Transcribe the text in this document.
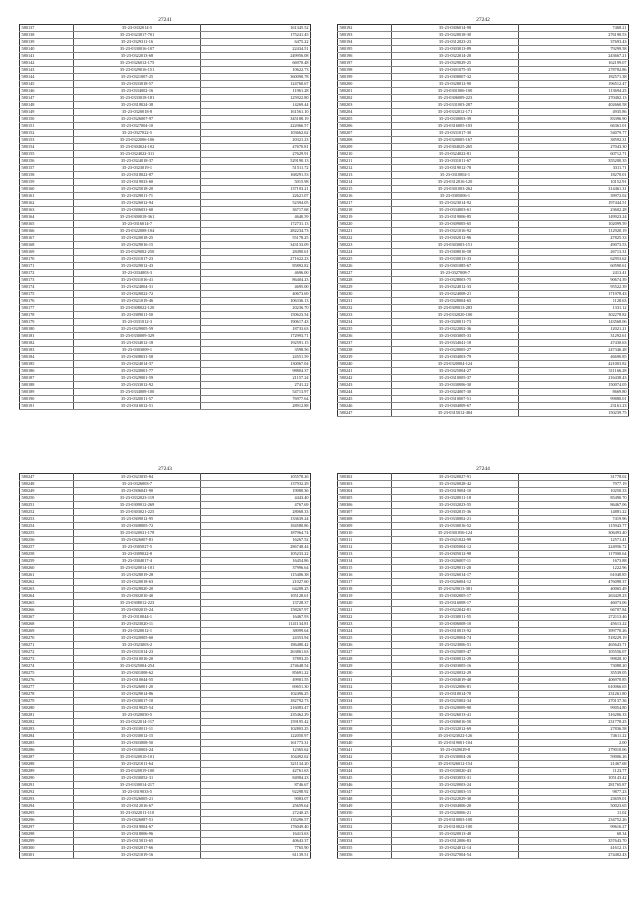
27241
580137	35-23-0332014-5	161345.52
580138	35-23-0323017-701	175241.45
580139	35-23-0329311-16	6475.22
580140	35-23-0330016-107	22434.51
580141	35-23-0322013-68	249956.08
580142	35-23-0326012-175	66970.48
580143	35-23-0329016-151	10622.73
580144	35-23-0321007-25	360090.78
580145	35-23-0333018-57	124760.67
580146	35-23-0334002-16	11961.28
580147	35-23-0333018-181	125922.80
580148	35-23-0318024-38	14269.44
580149	35-23-0320018-8	161561.10
580150	35-23-0326007-97	345188.19
580151	35-23-0327004-10	222066.57
580152	35-23-0327022-5	103662.62
580153	35-23-0322006-106	20321.23
580154	35-23-0304024-102	47670.81
580155	35-23-0324022-311	27629.91
580156	35-23-0324018-37	529190.13
580157	35-23-0323019-1	51511.72
580158	35-23-0318022-87	168291.53
580159	35-23-0319033-60	5015.98
580160	35-23-0325018-20	137193.21
580161	35-23-0329011-71	22621.07
580162	35-23-0326012-94	52394.05
580163	35-23-0306031-60	36717.68
580164	35-23-0300018-361	4640.59
580165	35-23-0316014-7	172731.13
580166	35-23-0322008-104	282234.73
580167	35-23-0320018-25	55178.25
580168	35-23-0329016-15	343133.09
580169	35-23-0329002-250	28490.61
580170	35-23-0331017-23	271622.23
580171	35-23-0329012-43	85892.82
580172	35-23-0334003-3	4696.00
580173	35-23-0331016-41	86404.23
580174	35-23-0324004-31	4695.00
580175	35-23-0320022-72	40673.69
580176	35-23-0321019-46	106336.13
580177	35-23-0308022-120	20236.70
580178	35-23-0309011-50	150623.54
580179	35-23-0331012-3	190617.43
580180	35-23-0329005-59	18733.63
580181	35-23-0330009-329	172993.71
580182	35-23-0334012-18	192591.15
580183	35-23-0303009-1	3598.56
580184	35-23-0308031-58	24551.59
580185	35-23-0324014-37	130067.04
580186	35-23-0320001-77	98804.37
580187	35-23-0329001-59	21157.24
580188	35-23-0333012-92	2741.22
580189	35-23-0334008-100	54713.97
580190	35-23-0320011-57	76977.64
580191	35-23-0316012-51	28912.88
27242
580192	35-23-0306014-98	7468.21
580193	35-23-0320018-30	276190.53
580194	35-23-0312023-23	37693.43
580195	35-23-0303013-89	79299.58
580196	35-23-0322014-20	243667.21
580197	35-23-0329029-25	162199.07
580198	35-23-0301075-35	278782.86
580199	35-23-0308007-32	182571.38
580200	35-23-0328012-90	196512.47
580201	35-23-0301006-100	113694.25
580202	35-23-0306009-223	270402.13
580203	35-23-0331003-287	402660.58
580204	35-23-0332012-171	4935.86
580205	35-23-0330003-39	83396.90
580206	35-23-0316005-103	66361.01
580207	35-23-0331017-30	54079.77
580208	35-23-0320005-167	38592.31
580209	35-23-0304025-265	27043.30
580210	35-23-0324022-81	60712.71
580211	35-23-0331011-67	355200.35
580212	35-23-0319012-70	3311.71
580213	35-23-0310002-1	18270.01
580214	35-23-0312016-120	10152.91
580215	35-23-0301003-262	314461.31
580216	35-23-0305006-1	39972.02
580217	35-23-0323014-92	197444.51
580218	35-23-0334003-61	23602.28
580219	35-23-0319006-85	149923.24
580220	35-23-0309005-65	102099.59
580221	35-23-0321016-92	112920.19
580222	35-23-0302012-96	47825.33
580223	35-23-0303003-151	49073.53
580224	35-23-0308016-58	26713.31
580225	35-23-0330013-33	62953.62
580226	35-23-0301085-67	60590.61
580227	35-23-0327008-7	2413.41
580228	35-23-0328003-75	90674.39
580229	35-23-0324012-33	95522.39
580230	35-23-0324008-21	171978.43
580231	35-23-0328004-65	1128.63
580232	35-23-0309013-283	1331.12
580233	35-23-0332020-100	302278.82
580234	35-23-0320011-73	143568.06
580235	35-23-0322002-36	12021.21
580236	35-23-0303005-33	31292.61
580237	35-23-0334041-18	47430.63
580238	35-23-0320005-27	247346.28
580239	35-23-0304003-79	46690.85
580240	35-23-0320004-124	421003.82
580241	35-23-0325004-27	311166.28
580242	35-23-0310005-37	216438.43
580243	35-23-0330006-30	150074.05
580244	35-23-0324007-30	8669.80
580245	35-23-0310007-51	99880.01
580246	35-23-0304009-67	23161.23
580247	35-23-0315012-484	150239.75
27243
580247	35-23-0323035-84	105578.26
580248	35-23-0326003-7	137932.29
580249	35-23-0306041-90	19080.36
580250	35-23-0332023-119	4443.40
580251	35-23-0309012-269	4767.69
580252	35-23-0303021-225	28068.33
580253	35-23-0309012-95	133639.24
580254	35-23-0308005-72	184580.86
580255	35-23-0320031-178	187964.74
580256	35-23-0326007-81	16267.52
580257	35-23-0305027-5	286748.44
580258	35-23-0309022-8	105233.22
580259	35-23-0304017-4	16454.86
580260	35-23-0320014-101	37996.64
580261	35-23-0328019-28	115406.38
580262	35-23-0320018-63	21027.60
580263	35-23-0328020-20	64208.25
580264	35-23-0302010-40	105128.61
580265	35-23-0308012-223	13728.37
580266	35-23-0302015-24	158267.97
580267	35-23-0310044-1	16467.93
580268	35-23-0323020-11	1141134.81
580269	35-23-0320012-1	38099.64
580270	35-23-0320005-60	24353.94
580271	35-23-0323003-2	186480.42
580272	35-23-0331014-23	263861.63
580273	35-23-0310016-20	37893.25
580274	35-23-0325004-254	274648.54
580275	35-23-0301008-62	85691.22
580276	35-23-0310044-55	49901.55
580277	35-23-0326001-20	69651.30
580278	35-23-0329014-86	102496.25
580279	35-23-0330017-10	182792.73
580280	35-23-0319025-54	216083.47
580281	35-23-0320050-5	235462.29
580282	35-23-0322014-117	159195.42
580283	35-23-0310011-11	102803.25
580284	35-23-0330012-15	122050.97
580285	35-23-0303008-50	161773.31
580286	35-23-0330002-24	12365.62
580287	35-23-0320010-101	104492.62
580288	35-23-0321011-64	321134.20
580289	35-23-0320019-100	42761.63
580290	35-23-0330052-31	84984.23
580291	35-23-0330014-217	8746.67
580292	35-23-0319033-5	92298.92
580293	35-23-0326005-21	9083.07
580294	35-23-0312016-67	25659.64
580295	35-23-0322011-110	27240.25
580296	35-23-0326087-51	135296.57
580297	35-23-0319004-67	176049.40
580298	35-23-0318006-96	16413.63
580299	35-23-0315013-65	40643.37
580300	35-23-0302017-66	7765.90
580301	35-23-0321019-16	61139.51
27244
580302	35-23-0320027-91	31778.02
580303	35-23-0320028-42	7977.19
580304	35-23-0319004-10	10250.33
580305	35-23-0320011-18	85490.70
580306	35-23-0332023-55	86467.06
580307	35-23-0302015-36	14881.22
580308	35-23-0330002-21	7419.96
580309	35-23-0330016-52	115943.77
580310	35-23-0301056-124	306493.40
580311	35-23-0321022-99	12571.41
580312	35-23-0305004-12	224956.72
580313	35-23-0305012-98	117900.64
580314	35-23-0326007-11	1673.88
580315	35-23-0329011-20	1222.96
580316	35-23-0326014-17	61040.85
580317	35-23-0326004-12	476098.37
580318	35-23-0329013-381	40065.49
580319	35-23-0302005-17	263429.23
580320	35-23-0316008-17	46073.06
580321	35-23-0322042-81	66707.84
580322	35-23-0330011-55	272113.46
580323	35-23-0306008-10	45613.22
580324	35-23-0310013-92	399770.26
580325	35-23-0320004-74	518229.19
580326	35-23-0323006-51	465643.71
580327	35-23-0325005-47	105556.07
580328	35-23-0300012-29	99820.10
580329	35-23-0303005-16	73088.20
580330	35-23-0320032-29	35539.05
580331	35-23-0304019-48	406970.85
580332	35-23-0332006-81	610066.65
580333	35-23-0310014-78	231261.80
580334	35-23-0325002-34	270137.36
580335	35-23-0320009-90	99054.80
580336	35-23-0326013-41	316206.33
580337	35-23-0306016-50	231778.25
580338	35-23-0332012-69	27836.58
580339	35-23-0323022-126	74611.22
580340	35-23-0319001-104	2.00
580341	35-23-0320029-8	279010.06
580342	35-23-0330004-26	59006.26
580343	35-23-0326012-154	21467.68
580344	35-23-0330020-43	1123.77
580345	35-23-0303053-31	105143.42
580346	35-23-0320003-24	281765.87
580347	35-23-0323003-15	9877.23
580348	35-23-0322029-30	23659.01
580349	35-23-0304006-20	50023.65
580350	35-23-0320006-21	11.02
580351	35-23-0310003-100	234752.26
580352	35-23-0310022-100	99616.27
580353	35-23-0320013-48	68.34
580354	35-23-0312006-83	357643.70
580355	35-23-0324012-14	41612.13
580356	35-23-0327004-54	274402.43
